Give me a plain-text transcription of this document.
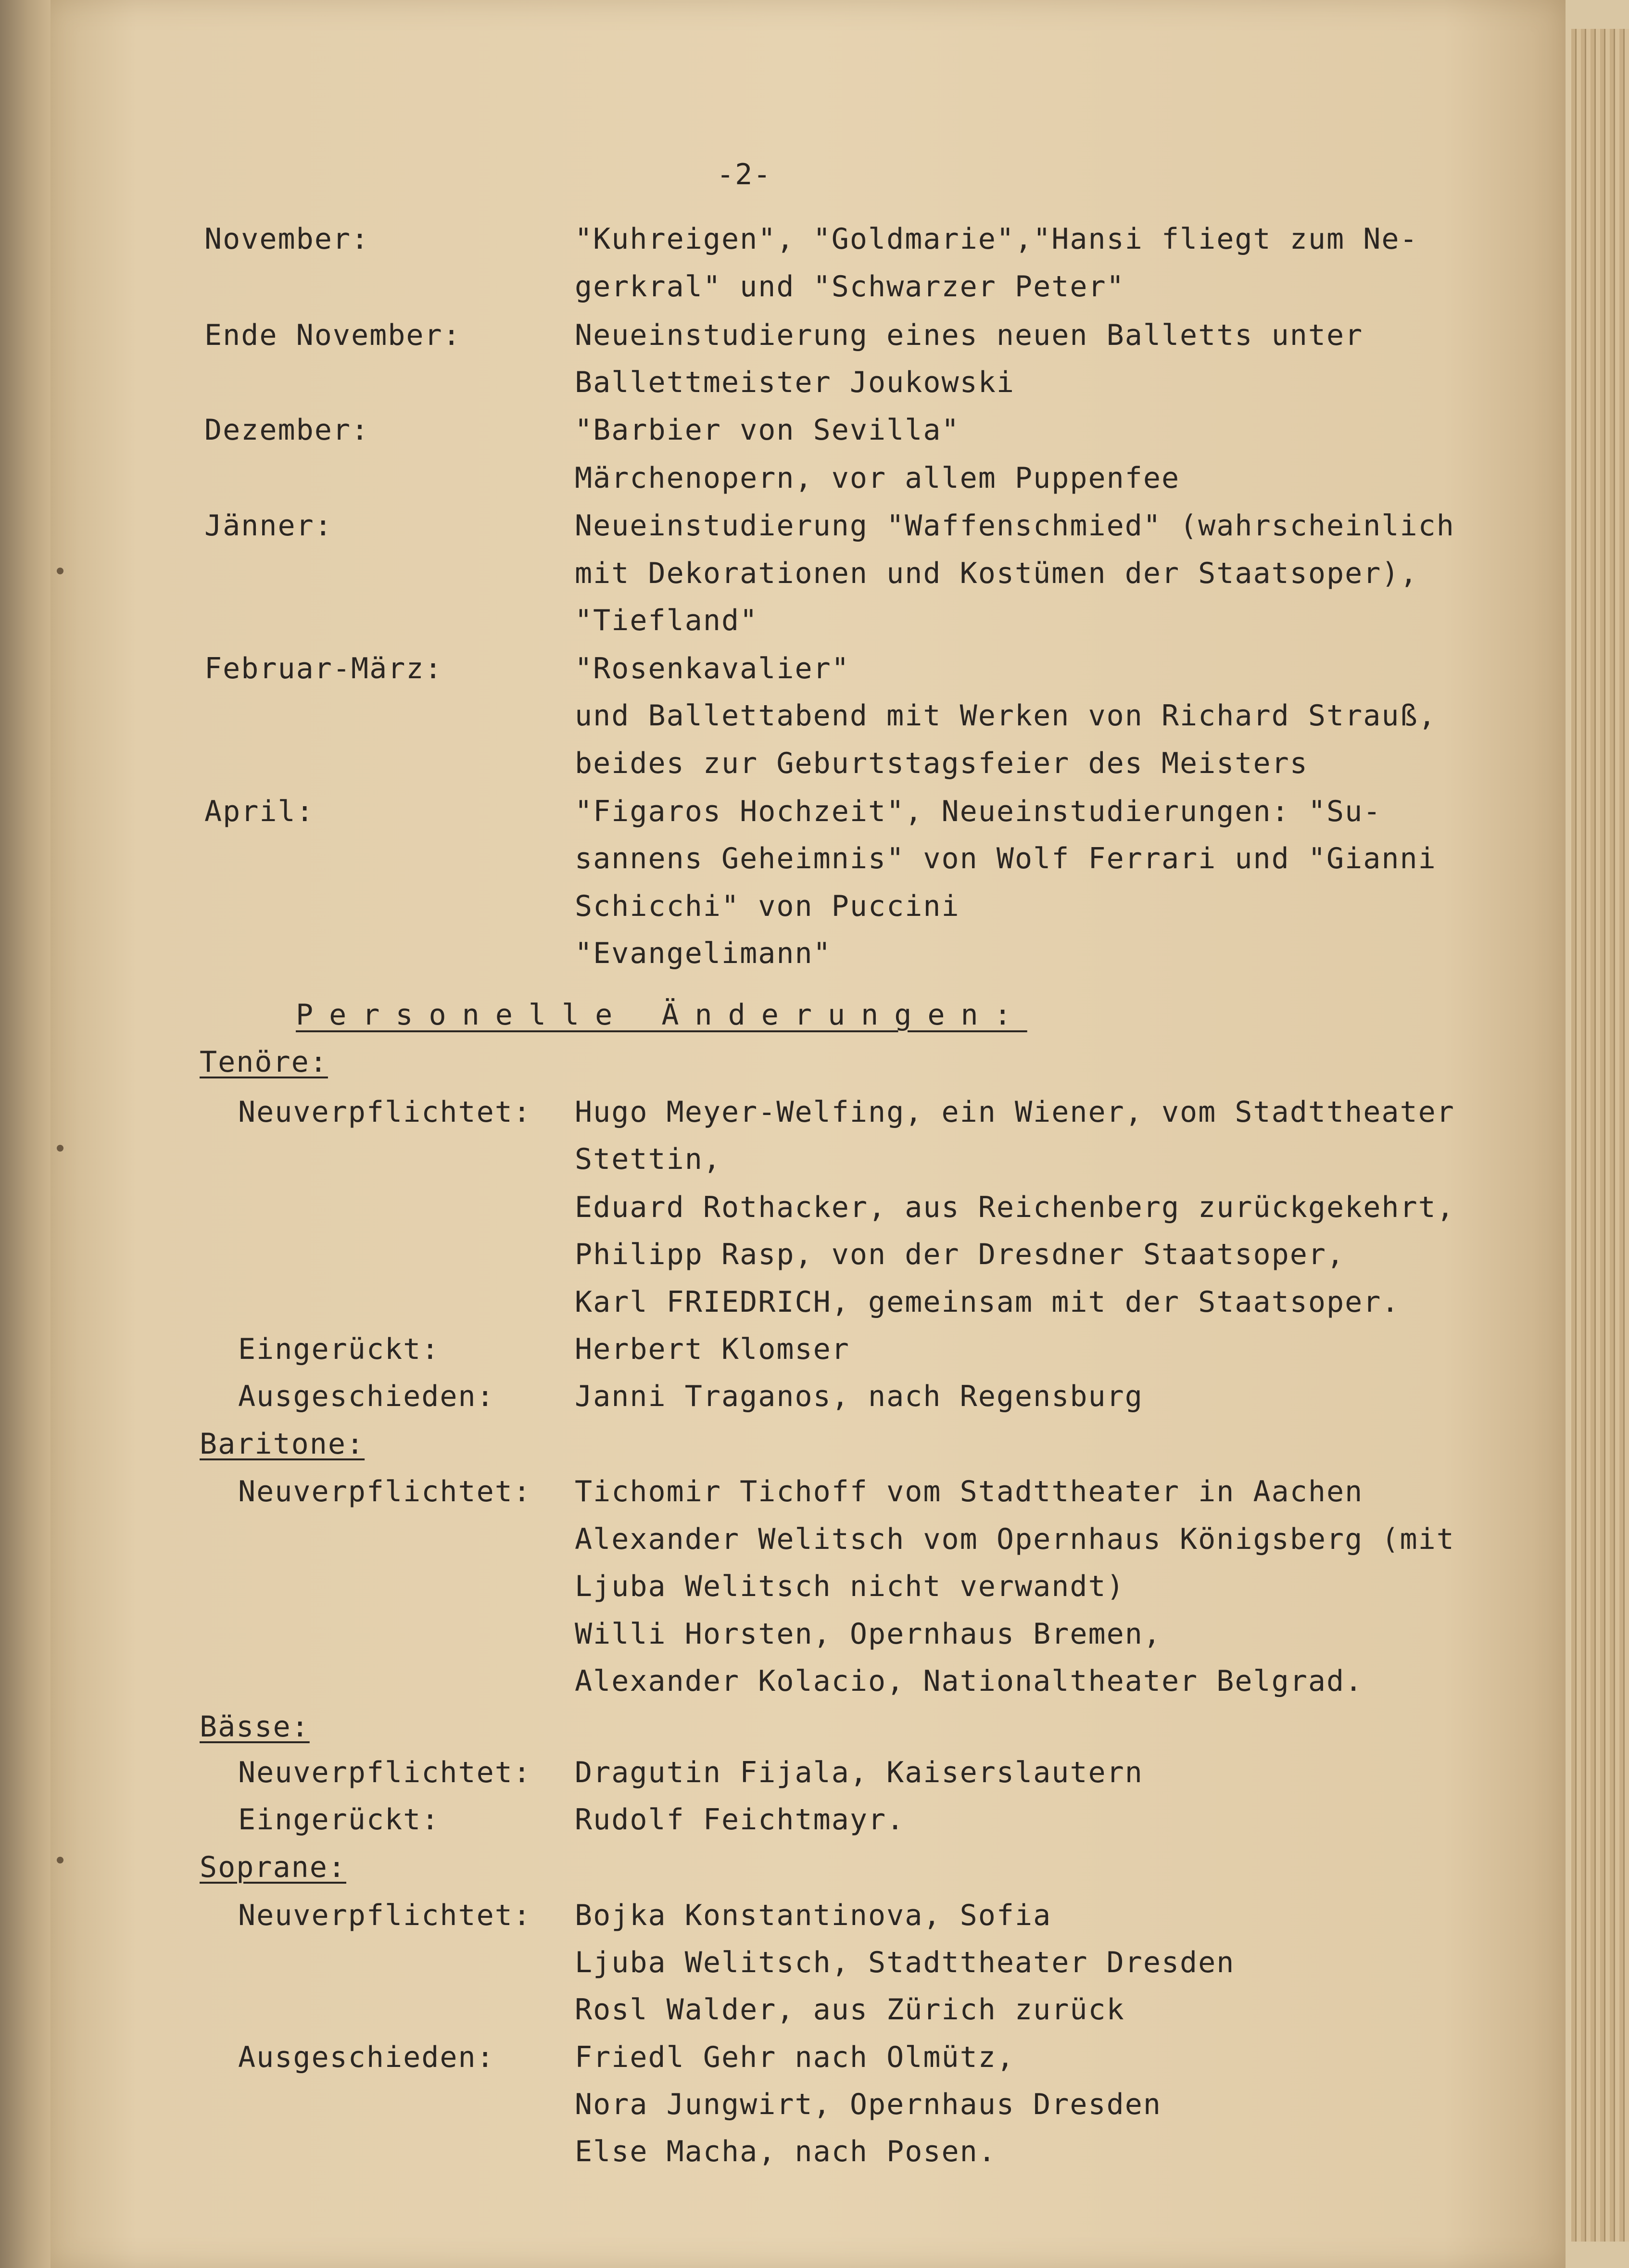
-2-
November:	"Kuhreigen", "Goldmarie","Hansi fliegt zum Ne-
gerkral" und "Schwarzer Peter"
Ende November:	Neueinstudierung eines neuen Balletts unter
Ballettmeister Joukowski
Dezember:	"Barbier von Sevilla"
Märchenopern, vor allem Puppenfee
Jänner:	Neueinstudierung "Waffenschmied" (wahrscheinlich
mit Dekorationen und Kostümen der Staatsoper),
"Tiefland"
Februar-März:	"Rosenkavalier"
und Ballettabend mit Werken von Richard Strauß,
beides zur Geburtstagsfeier des Meisters
April:	"Figaros Hochzeit", Neueinstudierungen: "Su-
sannens Geheimnis" von Wolf Ferrari und "Gianni
Schicchi" von Puccini
"Evangelimann"
Personelle Änderungen:
Tenöre:
Neuverpflichtet: Hugo Meyer-Welfing, ein Wiener, vom Stadttheater
Stettin,
Eduard Rothacker, aus Reichenberg zurückgekehrt,
Philipp Rasp, von der Dresdner Staatsoper,
Karl FRIEDRICH, gemeinsam mit der Staatsoper.
Eingerückt:	Herbert Klomser
Ausgeschieden:	Janni Traganos, nach Regensburg
Baritone:
Neuverpflichtet: Tichomir Tichoff vom Stadttheater in Aachen
Alexander Welitsch vom Opernhaus Königsberg (mit
Ljuba Welitsch nicht verwandt)
Willi Horsten, Opernhaus Bremen,
Alexander Kolacio, Nationaltheater Belgrad.
Bässe:
Neuverpflichtet: Dragutin Fijala, Kaiserslautern
Eingerückt:	Rudolf Feichtmayr.
Soprane:
Neuverpflichtet: Bojka Konstantinova, Sofia
Ljuba Welitsch, Stadttheater Dresden
Rosl Walder, aus Zürich zurück
Ausgeschieden:	Friedl Gehr nach Olmütz,
Nora Jungwirt, Opernhaus Dresden
Else Macha, nach Posen.
